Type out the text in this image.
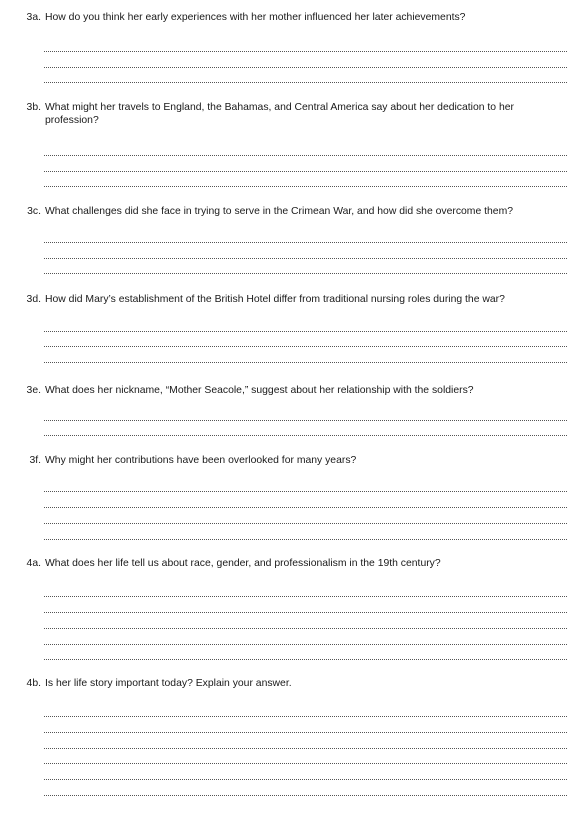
3a. How do you think her early experiences with her mother influenced her later achievements?
3b. What might her travels to England, the Bahamas, and Central America say about her dedication to her profession?
3c. What challenges did she face in trying to serve in the Crimean War, and how did she overcome them?
3d. How did Mary’s establishment of the British Hotel differ from traditional nursing roles during the war?
3e. What does her nickname, “Mother Seacole,” suggest about her relationship with the soldiers?
3f. Why might her contributions have been overlooked for many years?
4a. What does her life tell us about race, gender, and professionalism in the 19th century?
4b. Is her life story important today? Explain your answer.
